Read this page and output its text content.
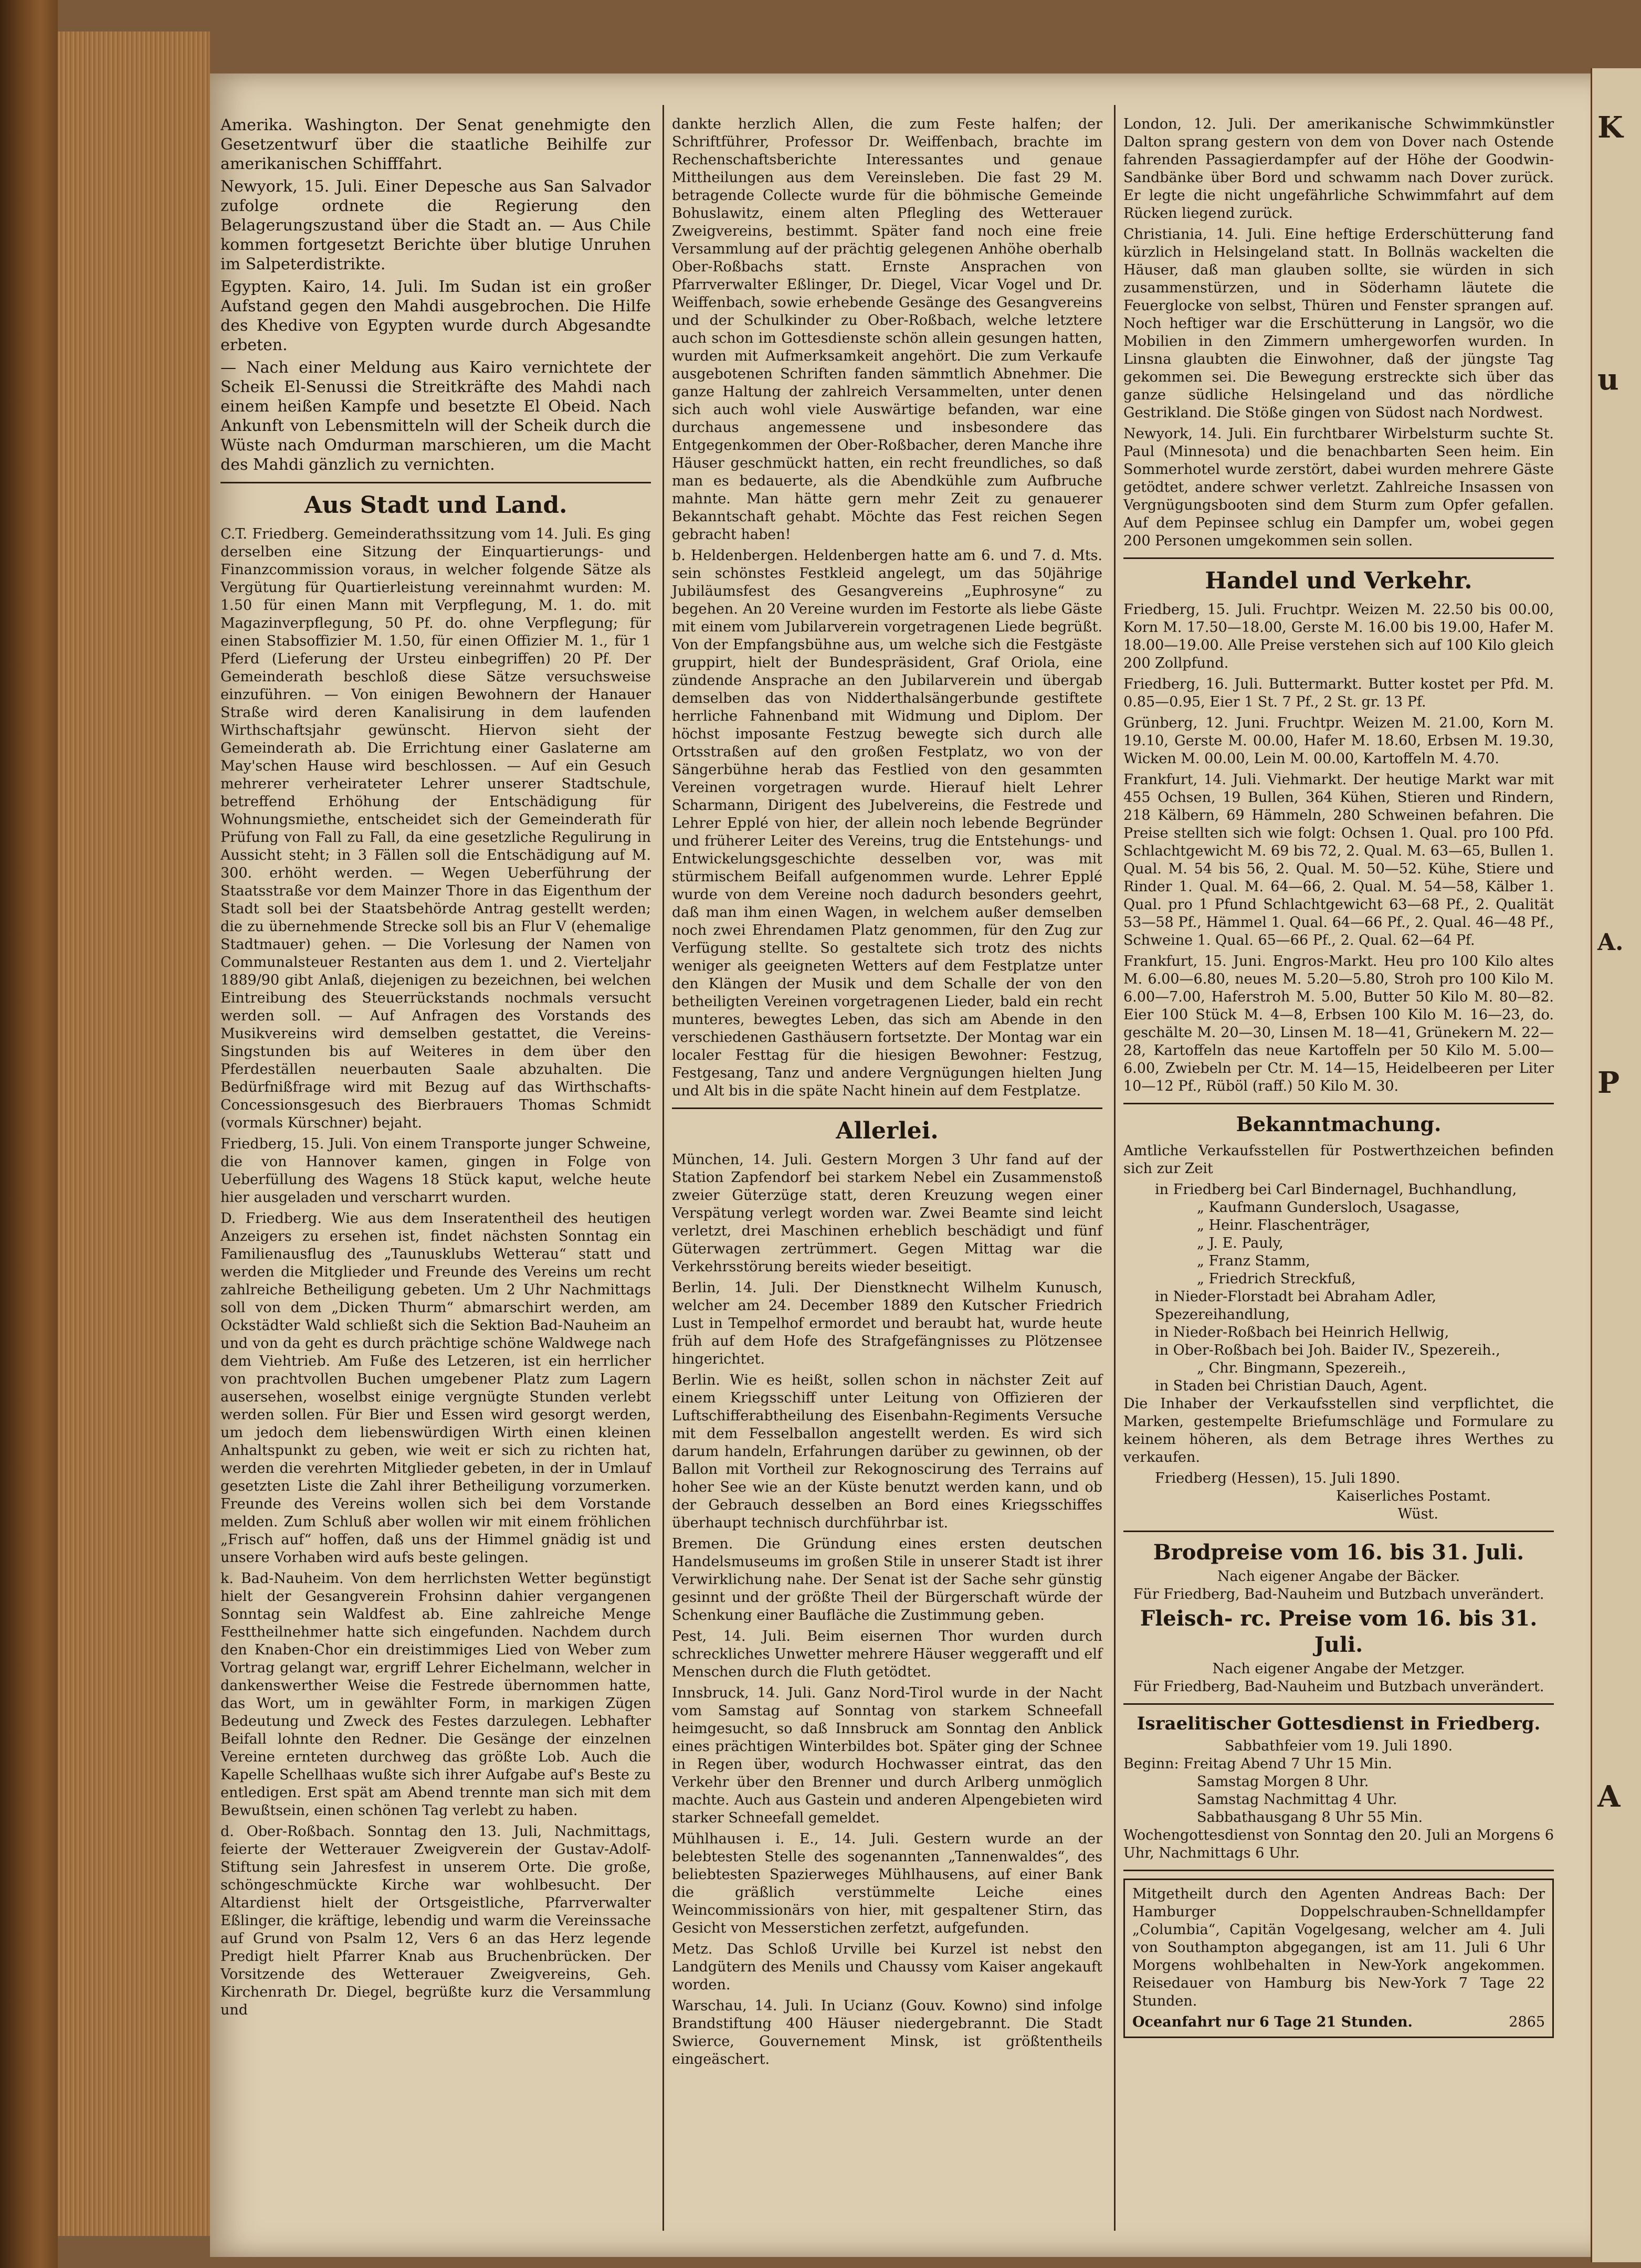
Amerika. Washington. Der Senat genehmigte den Gesetzentwurf über die staatliche Beihilfe zur amerikanischen Schifffahrt.

Newyork, 15. Juli. Einer Depesche aus San Salvador zufolge ordnete die Regierung den Belagerungszustand über die Stadt an. — Aus Chile kommen fortgesetzt Berichte über blutige Unruhen im Salpeterdistrikte.

Egypten. Kairo, 14. Juli. Im Sudan ist ein großer Aufstand gegen den Mahdi ausgebrochen. Die Hilfe des Khedive von Egypten wurde durch Abgesandte erbeten.

— Nach einer Meldung aus Kairo vernichtete der Scheik El-Senussi die Streitkräfte des Mahdi nach einem heißen Kampfe und besetzte El Obeid. Nach Ankunft von Lebensmitteln will der Scheik durch die Wüste nach Omdurman marschieren, um die Macht des Mahdi gänzlich zu vernichten.

Aus Stadt und Land.

C.T. Friedberg. Gemeinderathssitzung vom 14. Juli. Es ging derselben eine Sitzung der Einquartierungs- und Finanzcommission voraus, in welcher folgende Sätze als Vergütung für Quartierleistung vereinnahmt wurden: M. 1.50 für einen Mann mit Verpflegung, M. 1. do. mit Magazinverpflegung, 50 Pf. do. ohne Verpflegung; für einen Stabsoffizier M. 1.50, für einen Offizier M. 1., für 1 Pferd (Lieferung der Ursteu einbegriffen) 20 Pf. Der Gemeinderath beschloß diese Sätze versuchsweise einzuführen. — Von einigen Bewohnern der Hanauer Straße wird deren Kanalisirung in dem laufenden Wirthschaftsjahr gewünscht. Hiervon sieht der Gemeinderath ab. Die Errichtung einer Gaslaterne am May'schen Hause wird beschlossen. — Auf ein Gesuch mehrerer verheirateter Lehrer unserer Stadtschule, betreffend Erhöhung der Entschädigung für Wohnungsmiethe, entscheidet sich der Gemeinderath für Prüfung von Fall zu Fall, da eine gesetzliche Regulirung in Aussicht steht; in 3 Fällen soll die Entschädigung auf M. 300. erhöht werden. — Wegen Ueberführung der Staatsstraße vor dem Mainzer Thore in das Eigenthum der Stadt soll bei der Staatsbehörde Antrag gestellt werden; die zu übernehmende Strecke soll bis an Flur V (ehemalige Stadtmauer) gehen. — Die Vorlesung der Namen von Communalsteuer Restanten aus dem 1. und 2. Vierteljahr 1889/90 gibt Anlaß, diejenigen zu bezeichnen, bei welchen Eintreibung des Steuerrückstands nochmals versucht werden soll. — Auf Anfragen des Vorstands des Musikvereins wird demselben gestattet, die Vereins-Singstunden bis auf Weiteres in dem über den Pferdeställen neuerbauten Saale abzuhalten. Die Bedürfnißfrage wird mit Bezug auf das Wirthschafts-Concessionsgesuch des Bierbrauers Thomas Schmidt (vormals Kürschner) bejaht.

Friedberg, 15. Juli. Von einem Transporte junger Schweine, die von Hannover kamen, gingen in Folge von Ueberfüllung des Wagens 18 Stück kaput, welche heute hier ausgeladen und verscharrt wurden.

D. Friedberg. Wie aus dem Inseratentheil des heutigen Anzeigers zu ersehen ist, findet nächsten Sonntag ein Familienausflug des „Taunusklubs Wetterau“ statt und werden die Mitglieder und Freunde des Vereins um recht zahlreiche Betheiligung gebeten. Um 2 Uhr Nachmittags soll von dem „Dicken Thurm“ abmarschirt werden, am Ockstädter Wald schließt sich die Sektion Bad-Nauheim an und von da geht es durch prächtige schöne Waldwege nach dem Viehtrieb. Am Fuße des Letzeren, ist ein herrlicher von prachtvollen Buchen umgebener Platz zum Lagern ausersehen, woselbst einige vergnügte Stunden verlebt werden sollen. Für Bier und Essen wird gesorgt werden, um jedoch dem liebenswürdigen Wirth einen kleinen Anhaltspunkt zu geben, wie weit er sich zu richten hat, werden die verehrten Mitglieder gebeten, in der in Umlauf gesetzten Liste die Zahl ihrer Betheiligung vorzumerken. Freunde des Vereins wollen sich bei dem Vorstande melden. Zum Schluß aber wollen wir mit einem fröhlichen „Frisch auf“ hoffen, daß uns der Himmel gnädig ist und unsere Vorhaben wird aufs beste gelingen.

k. Bad-Nauheim. Von dem herrlichsten Wetter begünstigt hielt der Gesangverein Frohsinn dahier vergangenen Sonntag sein Waldfest ab. Eine zahlreiche Menge Festtheilnehmer hatte sich eingefunden. Nachdem durch den Knaben-Chor ein dreistimmiges Lied von Weber zum Vortrag gelangt war, ergriff Lehrer Eichelmann, welcher in dankenswerther Weise die Festrede übernommen hatte, das Wort, um in gewählter Form, in markigen Zügen Bedeutung und Zweck des Festes darzulegen. Lebhafter Beifall lohnte den Redner. Die Gesänge der einzelnen Vereine ernteten durchweg das größte Lob. Auch die Kapelle Schellhaas wußte sich ihrer Aufgabe auf's Beste zu entledigen. Erst spät am Abend trennte man sich mit dem Bewußtsein, einen schönen Tag verlebt zu haben.

d. Ober-Roßbach. Sonntag den 13. Juli, Nachmittags, feierte der Wetterauer Zweigverein der Gustav-Adolf-Stiftung sein Jahresfest in unserem Orte. Die große, schöngeschmückte Kirche war wohlbesucht. Der Altardienst hielt der Ortsgeistliche, Pfarrverwalter Eßlinger, die kräftige, lebendig und warm die Vereinssache auf Grund von Psalm 12, Vers 6 an das Herz legende Predigt hielt Pfarrer Knab aus Bruchenbrücken. Der Vorsitzende des Wetterauer Zweigvereins, Geh. Kirchenrath Dr. Diegel, begrüßte kurz die Versammlung und

dankte herzlich Allen, die zum Feste halfen; der Schriftführer, Professor Dr. Weiffenbach, brachte im Rechenschaftsberichte Interessantes und genaue Mittheilungen aus dem Vereinsleben. Die fast 29 M. betragende Collecte wurde für die böhmische Gemeinde Bohuslawitz, einem alten Pflegling des Wetterauer Zweigvereins, bestimmt. Später fand noch eine freie Versammlung auf der prächtig gelegenen Anhöhe oberhalb Ober-Roßbachs statt. Ernste Ansprachen von Pfarrverwalter Eßlinger, Dr. Diegel, Vicar Vogel und Dr. Weiffenbach, sowie erhebende Gesänge des Gesangvereins und der Schulkinder zu Ober-Roßbach, welche letztere auch schon im Gottesdienste schön allein gesungen hatten, wurden mit Aufmerksamkeit angehört. Die zum Verkaufe ausgebotenen Schriften fanden sämmtlich Abnehmer. Die ganze Haltung der zahlreich Versammelten, unter denen sich auch wohl viele Auswärtige befanden, war eine durchaus angemessene und insbesondere das Entgegenkommen der Ober-Roßbacher, deren Manche ihre Häuser geschmückt hatten, ein recht freundliches, so daß man es bedauerte, als die Abendkühle zum Aufbruche mahnte. Man hätte gern mehr Zeit zu genauerer Bekanntschaft gehabt. Möchte das Fest reichen Segen gebracht haben!

b. Heldenbergen. Heldenbergen hatte am 6. und 7. d. Mts. sein schönstes Festkleid angelegt, um das 50jährige Jubiläumsfest des Gesangvereins „Euphrosyne“ zu begehen. An 20 Vereine wurden im Festorte als liebe Gäste mit einem vom Jubilarverein vorgetragenen Liede begrüßt. Von der Empfangsbühne aus, um welche sich die Festgäste gruppirt, hielt der Bundespräsident, Graf Oriola, eine zündende Ansprache an den Jubilarverein und übergab demselben das von Nidderthalsängerbunde gestiftete herrliche Fahnenband mit Widmung und Diplom. Der höchst imposante Festzug bewegte sich durch alle Ortsstraßen auf den großen Festplatz, wo von der Sängerbühne herab das Festlied von den gesammten Vereinen vorgetragen wurde. Hierauf hielt Lehrer Scharmann, Dirigent des Jubelvereins, die Festrede und Lehrer Epplé von hier, der allein noch lebende Begründer und früherer Leiter des Vereins, trug die Entstehungs- und Entwickelungsgeschichte desselben vor, was mit stürmischem Beifall aufgenommen wurde. Lehrer Epplé wurde von dem Vereine noch dadurch besonders geehrt, daß man ihm einen Wagen, in welchem außer demselben noch zwei Ehrendamen Platz genommen, für den Zug zur Verfügung stellte. So gestaltete sich trotz des nichts weniger als geeigneten Wetters auf dem Festplatze unter den Klängen der Musik und dem Schalle der von den betheiligten Vereinen vorgetragenen Lieder, bald ein recht munteres, bewegtes Leben, das sich am Abende in den verschiedenen Gasthäusern fortsetzte. Der Montag war ein localer Festtag für die hiesigen Bewohner: Festzug, Festgesang, Tanz und andere Vergnügungen hielten Jung und Alt bis in die späte Nacht hinein auf dem Festplatze.

Allerlei.

München, 14. Juli. Gestern Morgen 3 Uhr fand auf der Station Zapfendorf bei starkem Nebel ein Zusammenstoß zweier Güterzüge statt, deren Kreuzung wegen einer Verspätung verlegt worden war. Zwei Beamte sind leicht verletzt, drei Maschinen erheblich beschädigt und fünf Güterwagen zertrümmert. Gegen Mittag war die Verkehrsstörung bereits wieder beseitigt.

Berlin, 14. Juli. Der Dienstknecht Wilhelm Kunusch, welcher am 24. December 1889 den Kutscher Friedrich Lust in Tempelhof ermordet und beraubt hat, wurde heute früh auf dem Hofe des Strafgefängnisses zu Plötzensee hingerichtet.

Berlin. Wie es heißt, sollen schon in nächster Zeit auf einem Kriegsschiff unter Leitung von Offizieren der Luftschifferabtheilung des Eisenbahn-Regiments Versuche mit dem Fesselballon angestellt werden. Es wird sich darum handeln, Erfahrungen darüber zu gewinnen, ob der Ballon mit Vortheil zur Rekognoscirung des Terrains auf hoher See wie an der Küste benutzt werden kann, und ob der Gebrauch desselben an Bord eines Kriegsschiffes überhaupt technisch durchführbar ist.

Bremen. Die Gründung eines ersten deutschen Handelsmuseums im großen Stile in unserer Stadt ist ihrer Verwirklichung nahe. Der Senat ist der Sache sehr günstig gesinnt und der größte Theil der Bürgerschaft würde der Schenkung einer Baufläche die Zustimmung geben.

Pest, 14. Juli. Beim eisernen Thor wurden durch schreckliches Unwetter mehrere Häuser weggerafft und elf Menschen durch die Fluth getödtet.

Innsbruck, 14. Juli. Ganz Nord-Tirol wurde in der Nacht vom Samstag auf Sonntag von starkem Schneefall heimgesucht, so daß Innsbruck am Sonntag den Anblick eines prächtigen Winterbildes bot. Später ging der Schnee in Regen über, wodurch Hochwasser eintrat, das den Verkehr über den Brenner und durch Arlberg unmöglich machte. Auch aus Gastein und anderen Alpengebieten wird starker Schneefall gemeldet.

Mühlhausen i. E., 14. Juli. Gestern wurde an der belebtesten Stelle des sogenannten „Tannenwaldes“, des beliebtesten Spazierweges Mühlhausens, auf einer Bank die gräßlich verstümmelte Leiche eines Weincommissionärs von hier, mit gespaltener Stirn, das Gesicht von Messerstichen zerfetzt, aufgefunden.

Metz. Das Schloß Urville bei Kurzel ist nebst den Landgütern des Menils und Chaussy vom Kaiser angekauft worden.

Warschau, 14. Juli. In Ucianz (Gouv. Kowno) sind infolge Brandstiftung 400 Häuser niedergebrannt. Die Stadt Swierce, Gouvernement Minsk, ist größtentheils eingeäschert.

London, 12. Juli. Der amerikanische Schwimmkünstler Dalton sprang gestern von dem von Dover nach Ostende fahrenden Passagierdampfer auf der Höhe der Goodwin-Sandbänke über Bord und schwamm nach Dover zurück. Er legte die nicht ungefährliche Schwimmfahrt auf dem Rücken liegend zurück.

Christiania, 14. Juli. Eine heftige Erderschütterung fand kürzlich in Helsingeland statt. In Bollnäs wackelten die Häuser, daß man glauben sollte, sie würden in sich zusammenstürzen, und in Söderhamn läutete die Feuerglocke von selbst, Thüren und Fenster sprangen auf. Noch heftiger war die Erschütterung in Langsör, wo die Mobilien in den Zimmern umhergeworfen wurden. In Linsna glaubten die Einwohner, daß der jüngste Tag gekommen sei. Die Bewegung erstreckte sich über das ganze südliche Helsingeland und das nördliche Gestrikland. Die Stöße gingen von Südost nach Nordwest.

Newyork, 14. Juli. Ein furchtbarer Wirbelsturm suchte St. Paul (Minnesota) und die benachbarten Seen heim. Ein Sommerhotel wurde zerstört, dabei wurden mehrere Gäste getödtet, andere schwer verletzt. Zahlreiche Insassen von Vergnügungsbooten sind dem Sturm zum Opfer gefallen. Auf dem Pepinsee schlug ein Dampfer um, wobei gegen 200 Personen umgekommen sein sollen.

Handel und Verkehr.

Friedberg, 15. Juli. Fruchtpr. Weizen M. 22.50 bis 00.00, Korn M. 17.50—18.00, Gerste M. 16.00 bis 19.00, Hafer M. 18.00—19.00. Alle Preise verstehen sich auf 100 Kilo gleich 200 Zollpfund.

Friedberg, 16. Juli. Buttermarkt. Butter kostet per Pfd. M. 0.85—0.95, Eier 1 St. 7 Pf., 2 St. gr. 13 Pf.

Grünberg, 12. Juni. Fruchtpr. Weizen M. 21.00, Korn M. 19.10, Gerste M. 00.00, Hafer M. 18.60, Erbsen M. 19.30, Wicken M. 00.00, Lein M. 00.00, Kartoffeln M. 4.70.

Frankfurt, 14. Juli. Viehmarkt. Der heutige Markt war mit 455 Ochsen, 19 Bullen, 364 Kühen, Stieren und Rindern, 218 Kälbern, 69 Hämmeln, 280 Schweinen befahren. Die Preise stellten sich wie folgt: Ochsen 1. Qual. pro 100 Pfd. Schlachtgewicht M. 69 bis 72, 2. Qual. M. 63—65, Bullen 1. Qual. M. 54 bis 56, 2. Qual. M. 50—52. Kühe, Stiere und Rinder 1. Qual. M. 64—66, 2. Qual. M. 54—58, Kälber 1. Qual. pro 1 Pfund Schlachtgewicht 63—68 Pf., 2. Qualität 53—58 Pf., Hämmel 1. Qual. 64—66 Pf., 2. Qual. 46—48 Pf., Schweine 1. Qual. 65—66 Pf., 2. Qual. 62—64 Pf.

Frankfurt, 15. Juni. Engros-Markt. Heu pro 100 Kilo altes M. 6.00—6.80, neues M. 5.20—5.80, Stroh pro 100 Kilo M. 6.00—7.00, Haferstroh M. 5.00, Butter 50 Kilo M. 80—82. Eier 100 Stück M. 4—8, Erbsen 100 Kilo M. 16—23, do. geschälte M. 20—30, Linsen M. 18—41, Grünekern M. 22—28, Kartoffeln das neue Kartoffeln per 50 Kilo M. 5.00—6.00, Zwiebeln per Ctr. M. 14—15, Heidelbeeren per Liter 10—12 Pf., Rüböl (raff.) 50 Kilo M. 30.

Bekanntmachung.

Amtliche Verkaufsstellen für Postwerthzeichen befinden sich zur Zeit

in Friedberg bei Carl Bindernagel, Buchhandlung,
„ Kaufmann Gundersloch, Usagasse,
„ Heinr. Flaschenträger,
„ J. E. Pauly,
„ Franz Stamm,
„ Friedrich Streckfuß,
in Nieder-Florstadt bei Abraham Adler, Spezereihandlung,
in Nieder-Roßbach bei Heinrich Hellwig,
in Ober-Roßbach bei Joh. Baider IV., Spezereih.,
„ Chr. Bingmann, Spezereih.,
in Staden bei Christian Dauch, Agent.

Die Inhaber der Verkaufsstellen sind verpflichtet, die Marken, gestempelte Briefumschläge und Formulare zu keinem höheren, als dem Betrage ihres Werthes zu verkaufen.

Friedberg (Hessen), 15. Juli 1890.
Kaiserliches Postamt.
Wüst.
Brodpreise vom 16. bis 31. Juli.
Nach eigener Angabe der Bäcker.
Für Friedberg, Bad-Nauheim und Butzbach unverändert.
Fleisch- rc. Preise vom 16. bis 31. Juli.
Nach eigener Angabe der Metzger.
Für Friedberg, Bad-Nauheim und Butzbach unverändert.
Israelitischer Gottesdienst in Friedberg.
Sabbathfeier vom 19. Juli 1890.
Beginn: Freitag Abend 7 Uhr 15 Min.
Samstag Morgen 8 Uhr.
Samstag Nachmittag 4 Uhr.
Sabbathausgang 8 Uhr 55 Min.

Wochengottesdienst von Sonntag den 20. Juli an Morgens 6 Uhr, Nachmittags 6 Uhr.

Mitgetheilt durch den Agenten Andreas Bach: Der Hamburger Doppelschrauben-Schnelldampfer „Columbia“, Capitän Vogelgesang, welcher am 4. Juli von Southampton abgegangen, ist am 11. Juli 6 Uhr Morgens wohlbehalten in New-York angekommen. Reisedauer von Hamburg bis New-York 7 Tage 22 Stunden.

Oceanfahrt nur 6 Tage 21 Stunden.	2865
K
u
A.
P
A
